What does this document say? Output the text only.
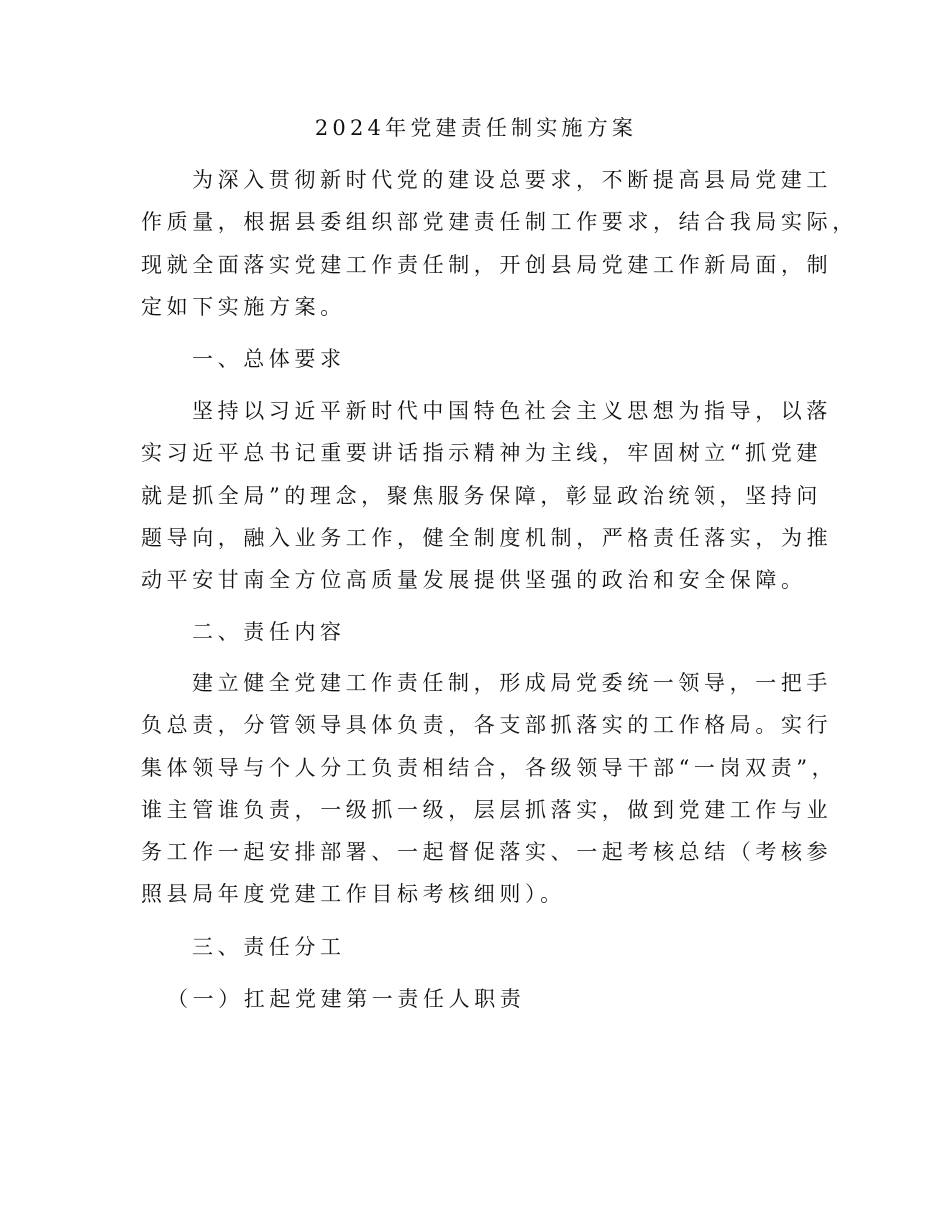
2024年党建责任制实施方案
为深入贯彻新时代党的建设总要求，不断提高县局党建工
作质量，根据县委组织部党建责任制工作要求，结合我局实际，
现就全面落实党建工作责任制，开创县局党建工作新局面，制
定如下实施方案。
一、总体要求
坚持以习近平新时代中国特色社会主义思想为指导，以落
实习近平总书记重要讲话指示精神为主线，牢固树立“抓党建
就是抓全局”的理念，聚焦服务保障，彰显政治统领，坚持问
题导向，融入业务工作，健全制度机制，严格责任落实，为推
动平安甘南全方位高质量发展提供坚强的政治和安全保障。
二、责任内容
建立健全党建工作责任制，形成局党委统一领导，一把手
负总责，分管领导具体负责，各支部抓落实的工作格局。实行
集体领导与个人分工负责相结合，各级领导干部“一岗双责”，
谁主管谁负责，一级抓一级，层层抓落实，做到党建工作与业
务工作一起安排部署、一起督促落实、一起考核总结（考核参
照县局年度党建工作目标考核细则）。
三、责任分工
（一）扛起党建第一责任人职责
